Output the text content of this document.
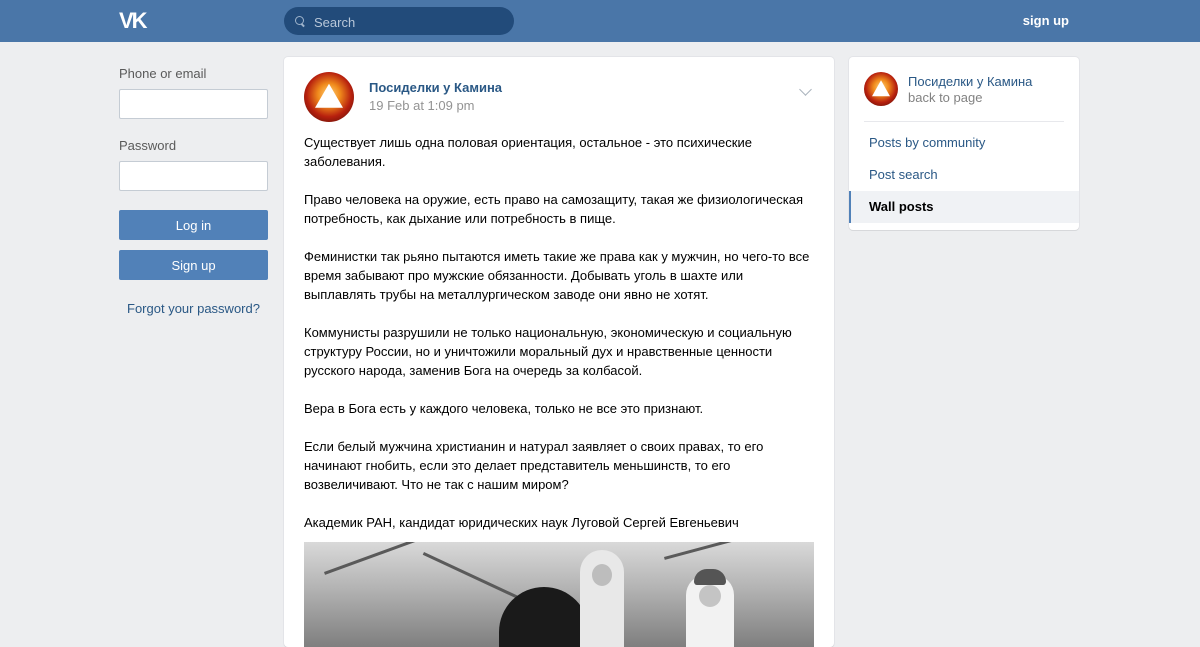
VK
Search	sign up
Phone or email
Password
Log in
Sign up
Forgot your password?
Посиделки у Камина
19 Feb at 1:09 pm

Существует лишь одна половая ориентация, остальное - это психические заболевания.

Право человека на оружие, есть право на самозащиту, такая же физиологическая потребность, как дыхание или потребность в пище.

Феминистки так рьяно пытаются иметь такие же права как у мужчин, но чего-то все время забывают про мужские обязанности. Добывать уголь в шахте или выплавлять трубы на металлургическом заводе они явно не хотят.

Коммунисты разрушили не только национальную, экономическую и социальную структуру России, но и уничтожили моральный дух и нравственные ценности русского народа, заменив Бога на очередь за колбасой.

Вера в Бога есть у каждого человека, только не все это признают.

Если белый мужчина христианин и натурал заявляет о своих правах, то его начинают гнобить, если это делает представитель меньшинств, то его возвеличивают. Что не так с нашим миром?

Академик РАН, кандидат юридических наук Луговой Сергей Евгеньевич

Посиделки у Камина
back to page
Posts by community
Post search
Wall posts
